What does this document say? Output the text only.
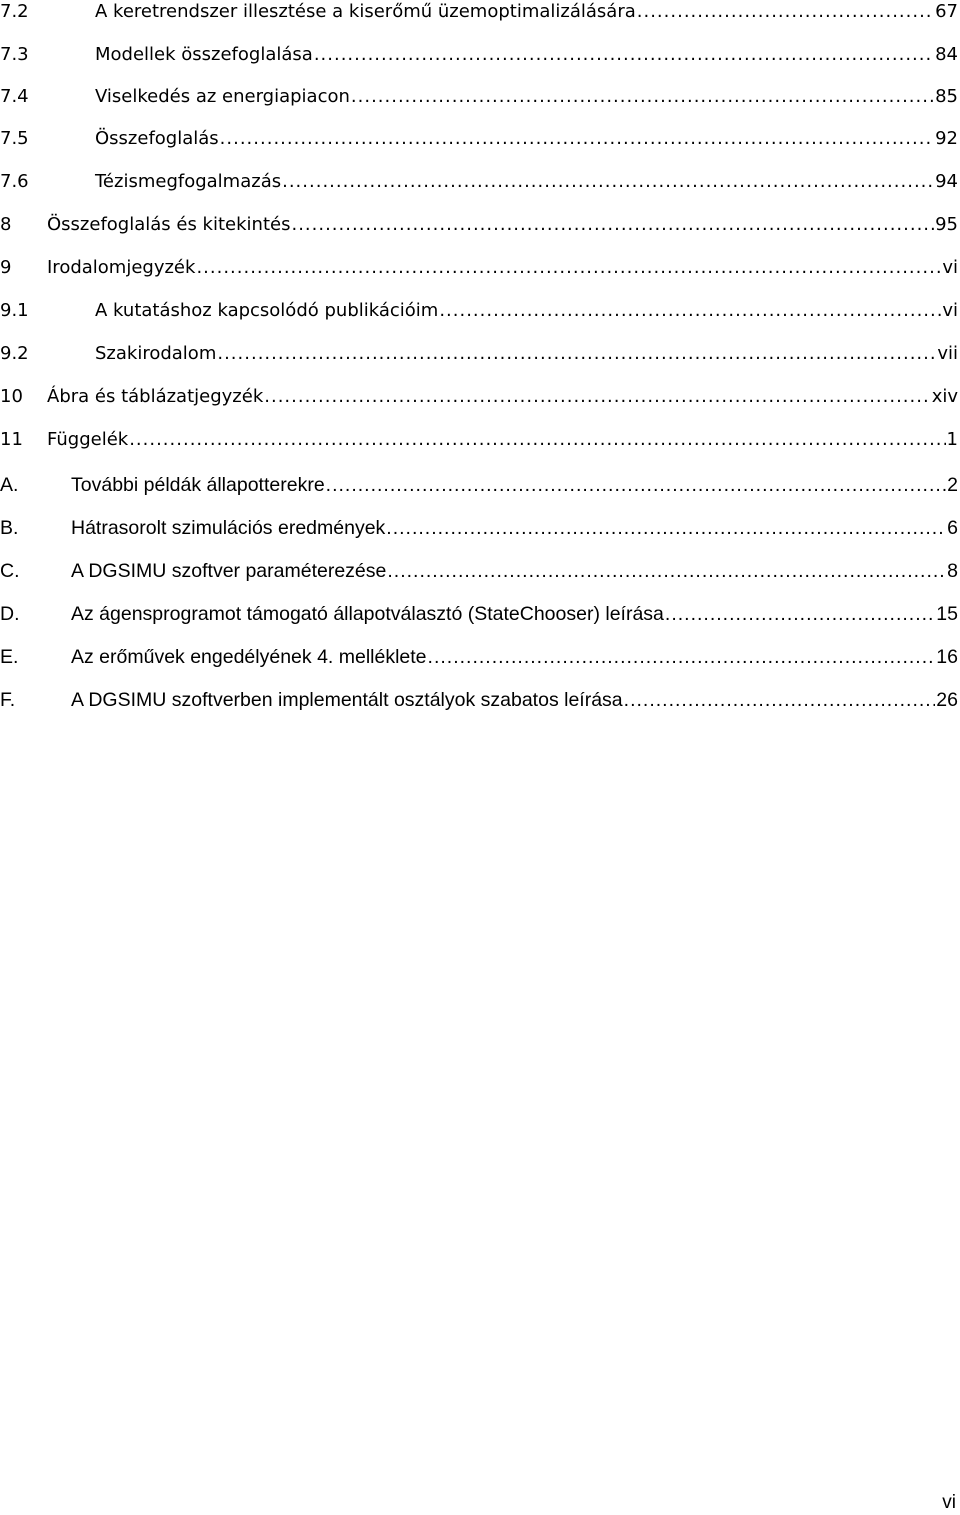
7.2	A keretrendszer illesztése a kiserőmű üzemoptimalizálására .....	67
7.3	Modellek összefoglalása .....	84
7.4	Viselkedés az energiapiacon .....	85
7.5	Összefoglalás .....	92
7.6	Tézismegfogalmazás .....	94
8	Összefoglalás és kitekintés .....	95
9	Irodalomjegyzék .....	vi
9.1	A kutatáshoz kapcsolódó publikációim .....	vi
9.2	Szakirodalom .....	vii
10	Ábra és táblázatjegyzék .....	xiv
11	Függelék .....	1
A.	További példák állapotterekre .....	2
B.	Hátrasorolt szimulációs eredmények .....	6
C.	A DGSIMU szoftver paraméterezése .....	8
D.	Az ágensprogramot támogató állapotválasztó (StateChooser) leírása .....	15
E.	Az erőművek engedélyének 4. melléklete .....	16
F.	A DGSIMU szoftverben implementált osztályok szabatos leírása .....	26
vi
